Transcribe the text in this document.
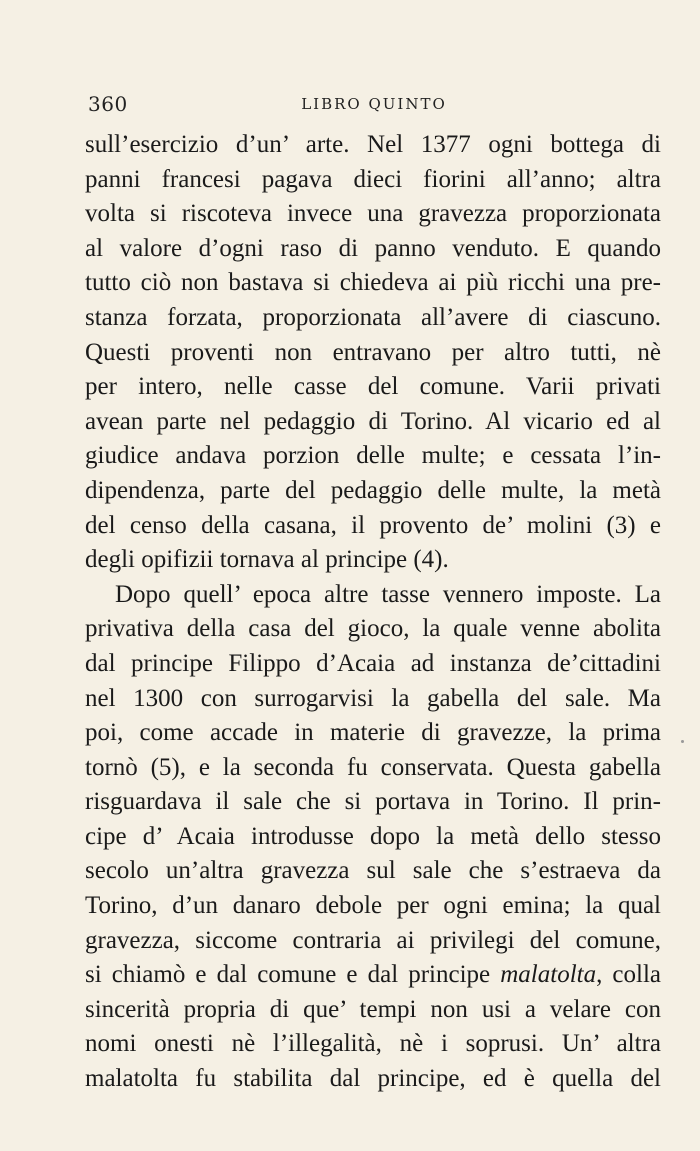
360	LIBRO QUINTO
sull’esercizio d’un’ arte. Nel 1377 ogni bottega di
panni francesi pagava dieci fiorini all’anno; altra
volta si riscoteva invece una gravezza proporzionata
al valore d’ogni raso di panno venduto. E quando
tutto ciò non bastava si chiedeva ai più ricchi una pre-
stanza forzata, proporzionata all’avere di ciascuno.
Questi proventi non entravano per altro tutti, nè
per intero, nelle casse del comune. Varii privati
avean parte nel pedaggio di Torino. Al vicario ed al
giudice andava porzion delle multe; e cessata l’in-
dipendenza, parte del pedaggio delle multe, la metà
del censo della casana, il provento de’ molini (3) e
degli opifizii tornava al principe (4).
Dopo quell’ epoca altre tasse vennero imposte. La
privativa della casa del gioco, la quale venne abolita
dal principe Filippo d’Acaia ad instanza de’cittadini
nel 1300 con surrogarvisi la gabella del sale. Ma
poi, come accade in materie di gravezze, la prima
tornò (5), e la seconda fu conservata. Questa gabella
risguardava il sale che si portava in Torino. Il prin-
cipe d’ Acaia introdusse dopo la metà dello stesso
secolo un’altra gravezza sul sale che s’estraeva da
Torino, d’un danaro debole per ogni emina; la qual
gravezza, siccome contraria ai privilegi del comune,
si chiamò e dal comune e dal principe malatolta, colla
sincerità propria di que’ tempi non usi a velare con
nomi onesti nè l’illegalità, nè i soprusi. Un’ altra
malatolta fu stabilita dal principe, ed è quella del
